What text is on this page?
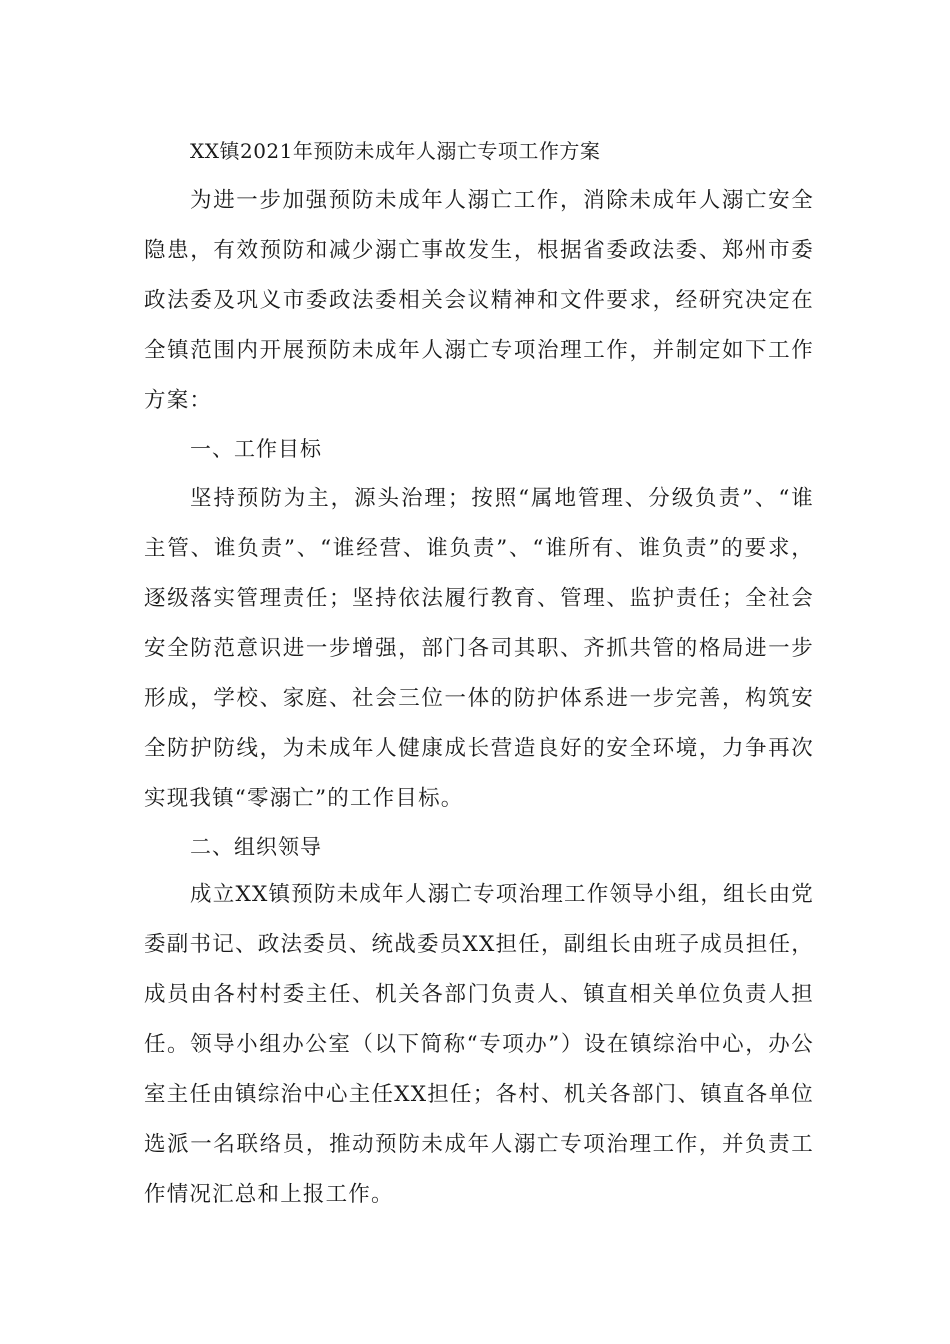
XX镇2021年预防未成年人溺亡专项工作方案

为进一步加强预防未成年人溺亡工作，消除未成年人溺亡安全隐患，有效预防和减少溺亡事故发生，根据省委政法委、郑州市委政法委及巩义市委政法委相关会议精神和文件要求，经研究决定在全镇范围内开展预防未成年人溺亡专项治理工作，并制定如下工作方案：

一、工作目标

坚持预防为主，源头治理；按照“属地管理、分级负责”、“谁主管、谁负责”、“谁经营、谁负责”、“谁所有、谁负责”的要求，逐级落实管理责任；坚持依法履行教育、管理、监护责任；全社会安全防范意识进一步增强，部门各司其职、齐抓共管的格局进一步形成，学校、家庭、社会三位一体的防护体系进一步完善，构筑安全防护防线，为未成年人健康成长营造良好的安全环境，力争再次实现我镇“零溺亡”的工作目标。

二、组织领导

成立XX镇预防未成年人溺亡专项治理工作领导小组，组长由党委副书记、政法委员、统战委员XX担任，副组长由班子成员担任，成员由各村村委主任、机关各部门负责人、镇直相关单位负责人担任。领导小组办公室（以下简称“专项办”）设在镇综治中心，办公室主任由镇综治中心主任XX担任；各村、机关各部门、镇直各单位选派一名联络员，推动预防未成年人溺亡专项治理工作，并负责工作情况汇总和上报工作。
